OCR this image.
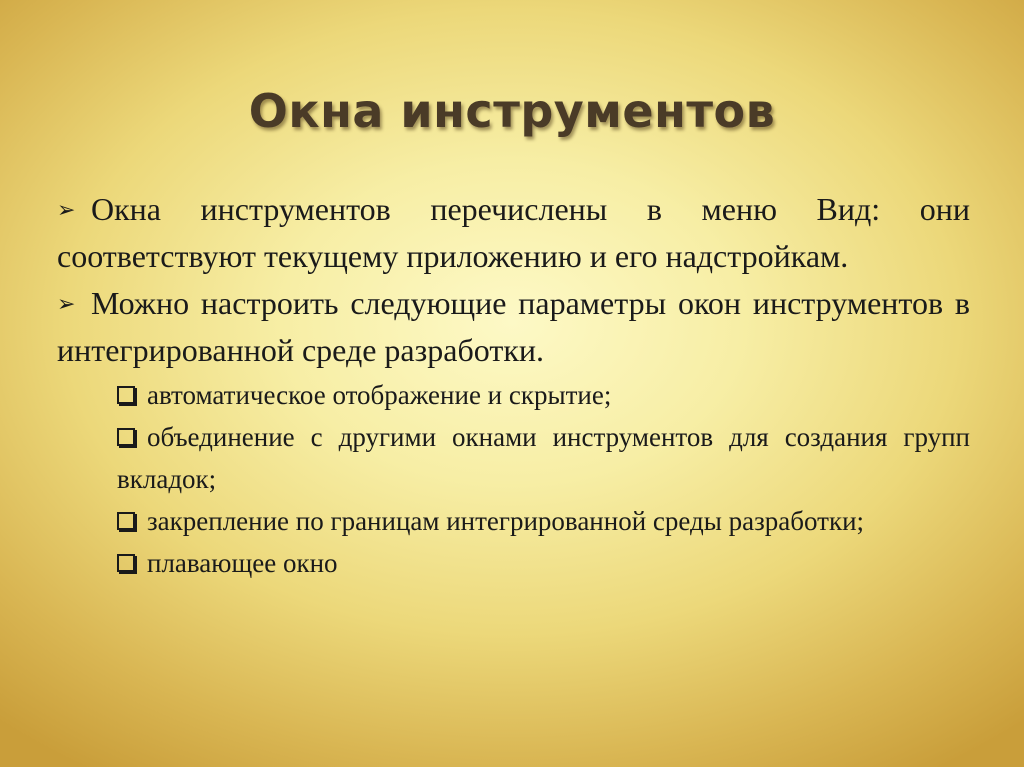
Окна инструментов

➢ Окна инструментов перечислены в меню Вид: они соответствуют текущему приложению и его надстройкам.

➢ Можно настроить следующие параметры окон инструментов в интегрированной среде разработки.

автоматическое отображение и скрытие;

объединение с другими окнами инструментов для создания групп вкладок;

закрепление по границам интегрированной среды разработки;

плавающее окно
